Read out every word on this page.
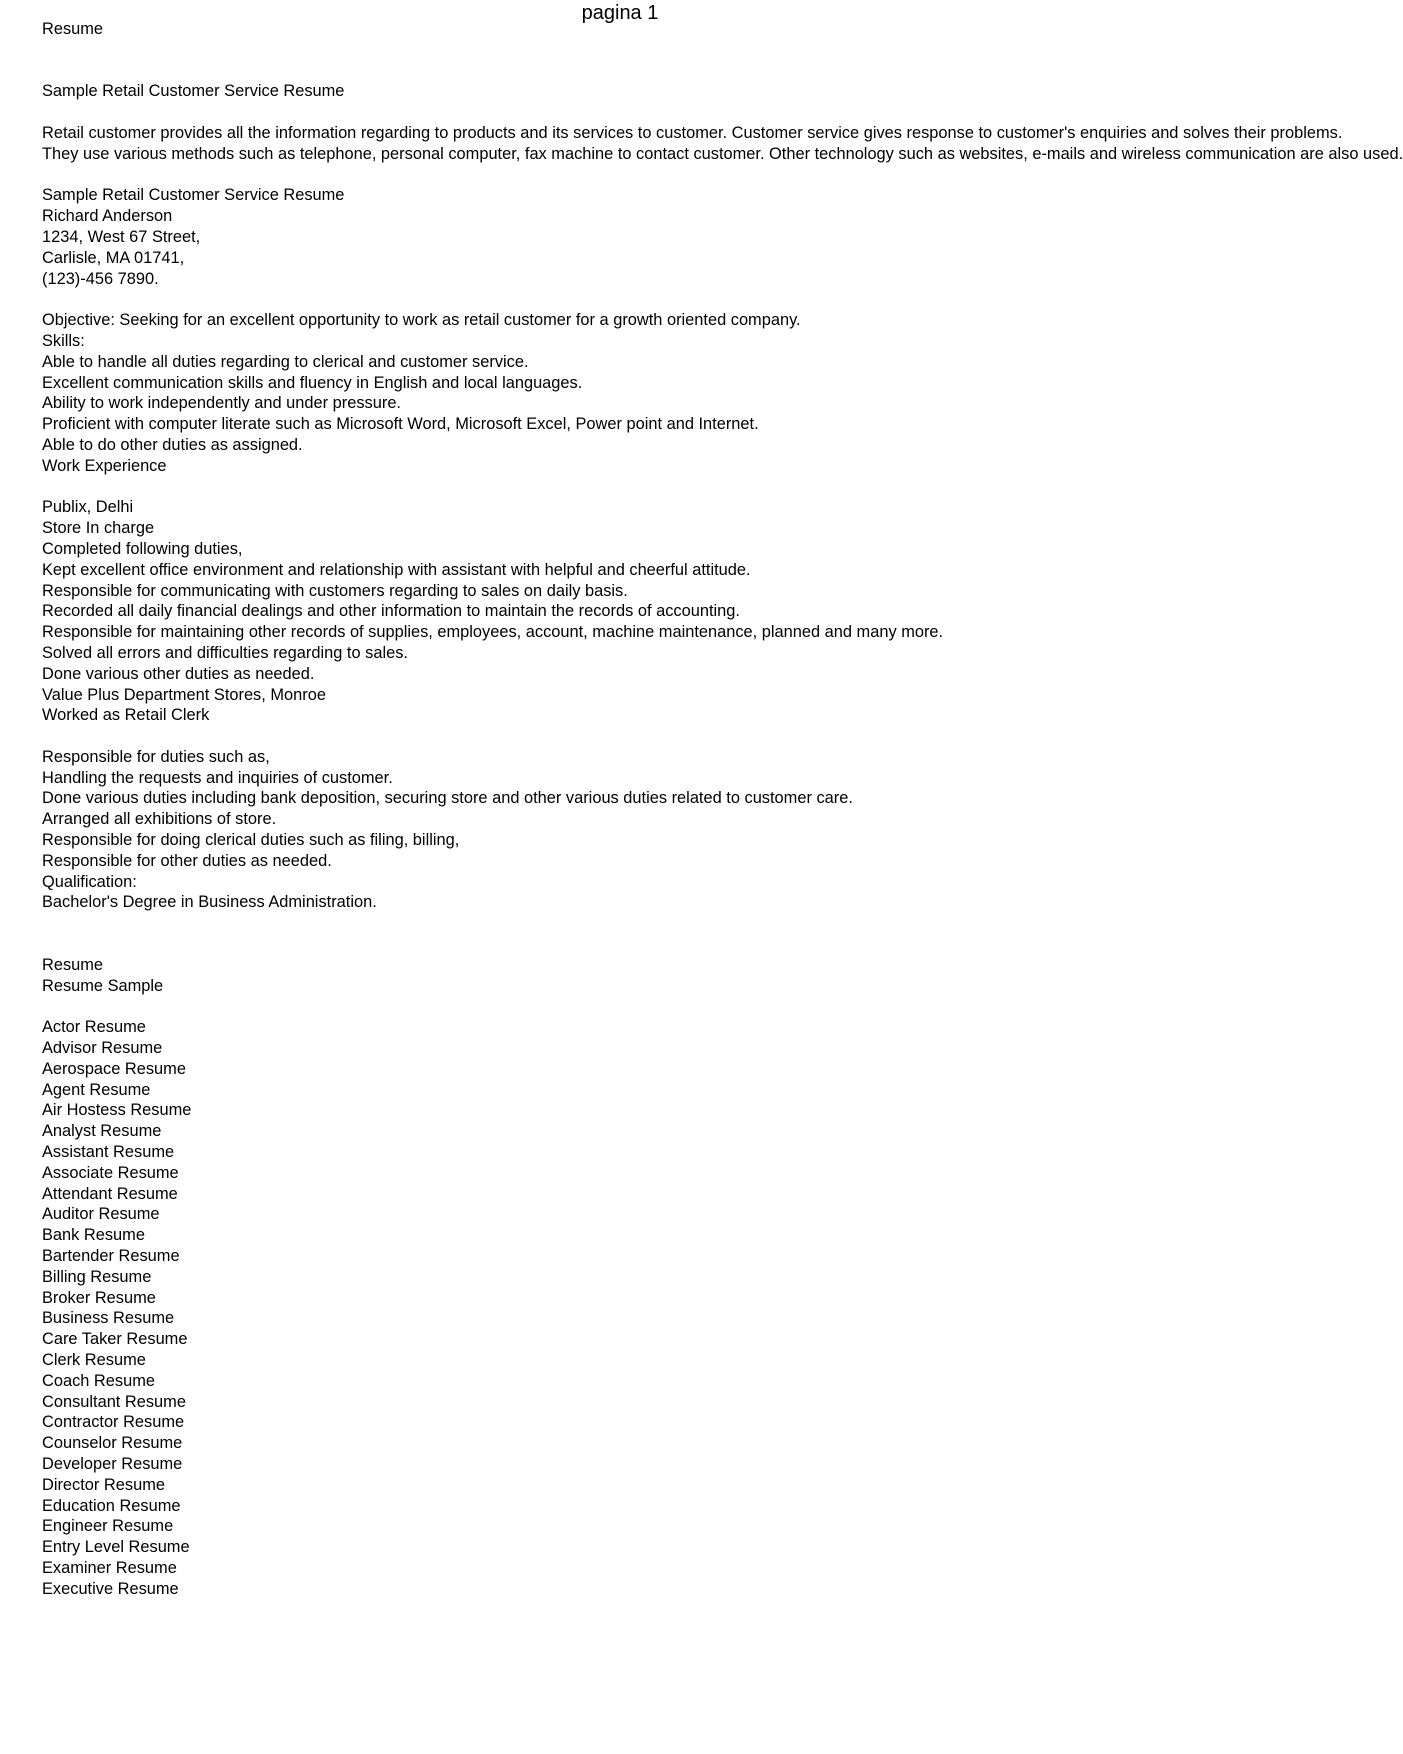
pagina 1
Resume
Sample Retail Customer Service Resume
Retail customer provides all the information regarding to products and its services to customer. Customer service gives response to customer's enquiries and solves their problems.
They use various methods such as telephone, personal computer, fax machine to contact customer. Other technology such as websites, e-mails and wireless communication are also used.
Sample Retail Customer Service Resume
Richard Anderson
1234, West 67 Street,
Carlisle, MA 01741,
(123)-456 7890.
Objective: Seeking for an excellent opportunity to work as retail customer for a growth oriented company.
Skills:
Able to handle all duties regarding to clerical and customer service.
Excellent communication skills and fluency in English and local languages.
Ability to work independently and under pressure.
Proficient with computer literate such as Microsoft Word, Microsoft Excel, Power point and Internet.
Able to do other duties as assigned.
Work Experience
Publix, Delhi
Store In charge
Completed following duties,
Kept excellent office environment and relationship with assistant with helpful and cheerful attitude.
Responsible for communicating with customers regarding to sales on daily basis.
Recorded all daily financial dealings and other information to maintain the records of accounting.
Responsible for maintaining other records of supplies, employees, account, machine maintenance, planned and many more.
Solved all errors and difficulties regarding to sales.
Done various other duties as needed.
Value Plus Department Stores, Monroe
Worked as Retail Clerk
Responsible for duties such as,
Handling the requests and inquiries of customer.
Done various duties including bank deposition, securing store and other various duties related to customer care.
Arranged all exhibitions of store.
Responsible for doing clerical duties such as filing, billing,
Responsible for other duties as needed.
Qualification:
Bachelor's Degree in Business Administration.
Resume
Resume Sample
Actor Resume
Advisor Resume
Aerospace Resume
Agent Resume
Air Hostess Resume
Analyst Resume
Assistant Resume
Associate Resume
Attendant Resume
Auditor Resume
Bank Resume
Bartender Resume
Billing Resume
Broker Resume
Business Resume
Care Taker Resume
Clerk Resume
Coach Resume
Consultant Resume
Contractor Resume
Counselor Resume
Developer Resume
Director Resume
Education Resume
Engineer Resume
Entry Level Resume
Examiner Resume
Executive Resume
